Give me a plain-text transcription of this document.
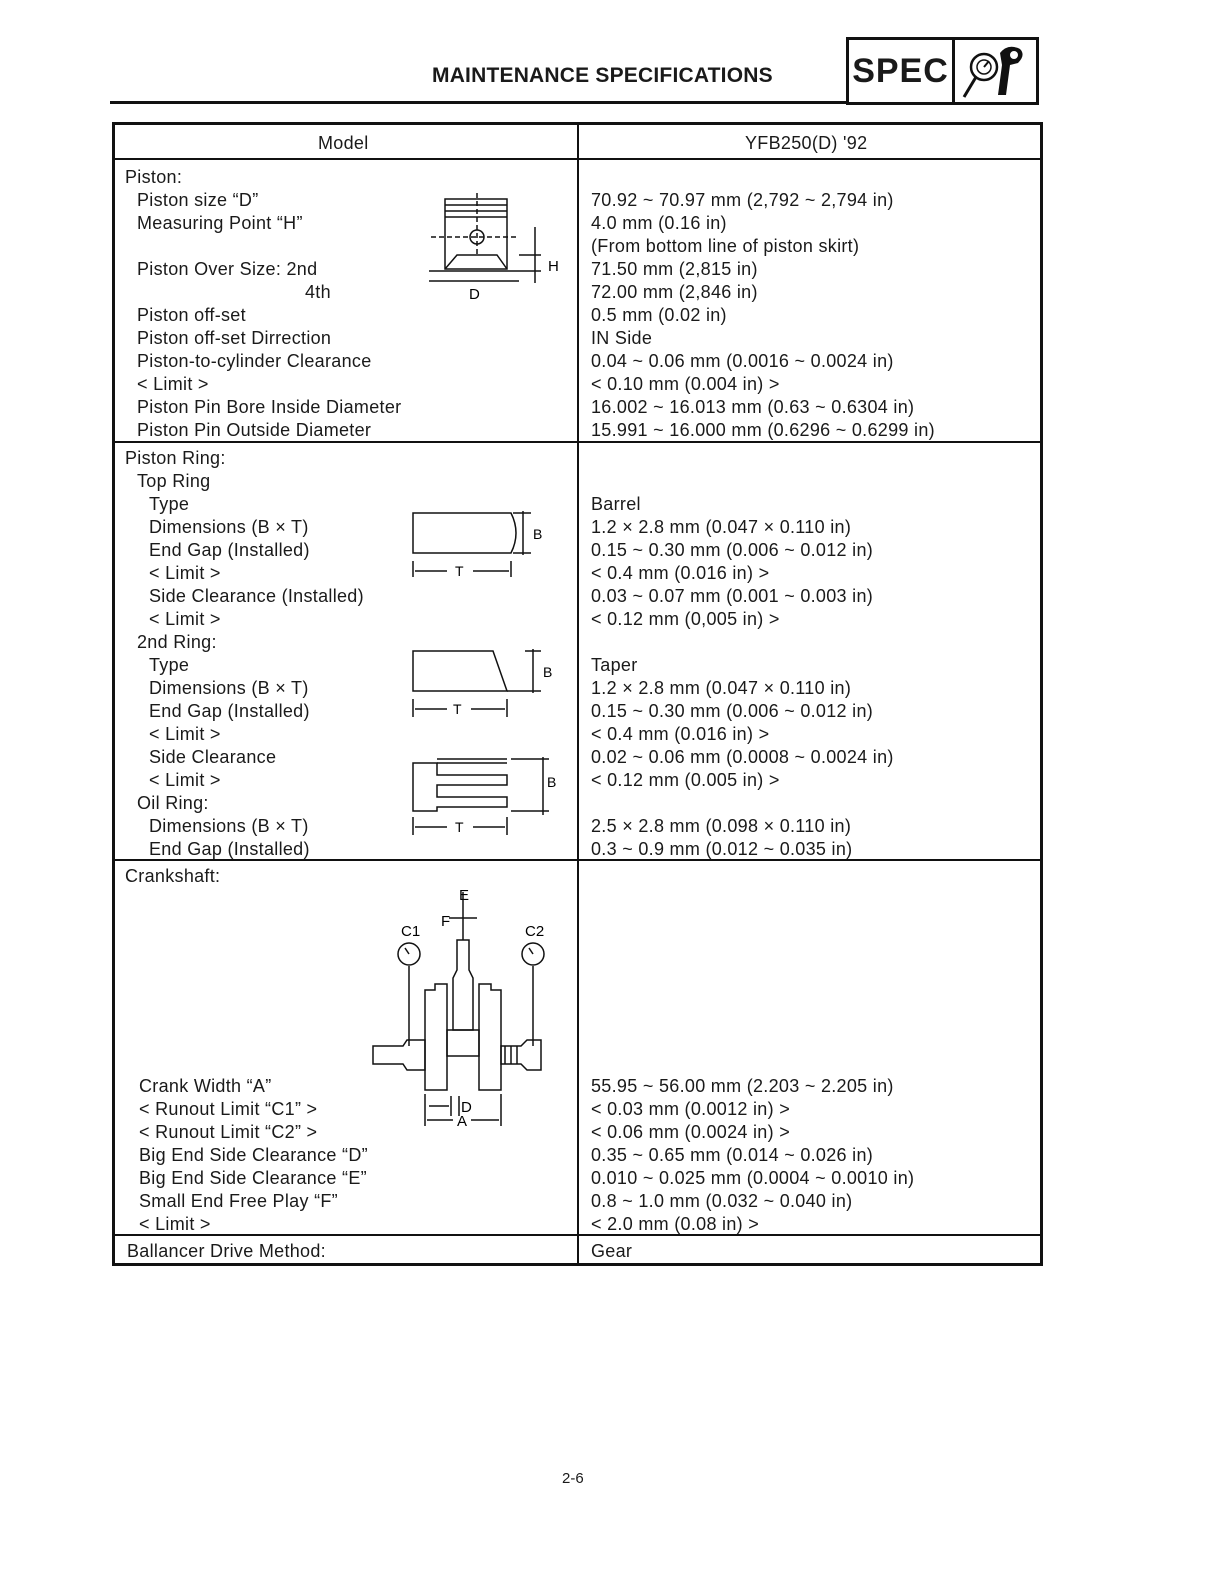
MAINTENANCE SPECIFICATIONS SPEC
Model	YFB250(D) '92
Piston:
Piston size “D”	70.92 ~ 70.97 mm (2,792 ~ 2,794 in)
Measuring Point “H”	4.0 mm (0.16 in)
(From bottom line of piston skirt)
Piston Over Size: 2nd	71.50 mm (2,815 in)
4th	72.00 mm (2,846 in)
Piston off-set	0.5 mm (0.02 in)
Piston off-set Dirrection	IN Side
Piston-to-cylinder Clearance	0.04 ~ 0.06 mm (0.0016 ~ 0.0024 in)
< Limit >	< 0.10 mm (0.004 in) >
Piston Pin Bore Inside Diameter	16.002 ~ 16.013 mm (0.63 ~ 0.6304 in)
Piston Pin Outside Diameter	15.991 ~ 16.000 mm (0.6296 ~ 0.6299 in)
H
D
Piston Ring:
Top Ring
Type	Barrel
Dimensions (B × T)	1.2 × 2.8 mm (0.047 × 0.110 in)
End Gap (Installed)	0.15 ~ 0.30 mm (0.006 ~ 0.012 in)
< Limit >	< 0.4 mm (0.016 in) >
Side Clearance (Installed)	0.03 ~ 0.07 mm (0.001 ~ 0.003 in)
< Limit >	< 0.12 mm (0,005 in) >
2nd Ring:
Type	Taper
Dimensions (B × T)	1.2 × 2.8 mm (0.047 × 0.110 in)
End Gap (Installed)	0.15 ~ 0.30 mm (0.006 ~ 0.012 in)
< Limit >	< 0.4 mm (0.016 in) >
Side Clearance	0.02 ~ 0.06 mm (0.0008 ~ 0.0024 in)
< Limit >	< 0.12 mm (0.005 in) >
Oil Ring:
Dimensions (B × T)	2.5 × 2.8 mm (0.098 × 0.110 in)
End Gap (Installed)	0.3 ~ 0.9 mm (0.012 ~ 0.035 in)
B
T
B
T
B
T
Crankshaft:
E
F
C1	C2
D
A
Crank Width “A”	55.95 ~ 56.00 mm (2.203 ~ 2.205 in)
< Runout Limit “C1” >	< 0.03 mm (0.0012 in) >
< Runout Limit “C2” >	< 0.06 mm (0.0024 in) >
Big End Side Clearance “D”	0.35 ~ 0.65 mm (0.014 ~ 0.026 in)
Big End Side Clearance “E”	0.010 ~ 0.025 mm (0.0004 ~ 0.0010 in)
Small End Free Play “F”	0.8 ~ 1.0 mm (0.032 ~ 0.040 in)
< Limit >	< 2.0 mm (0.08 in) >
Ballancer Drive Method:	Gear
2-6
